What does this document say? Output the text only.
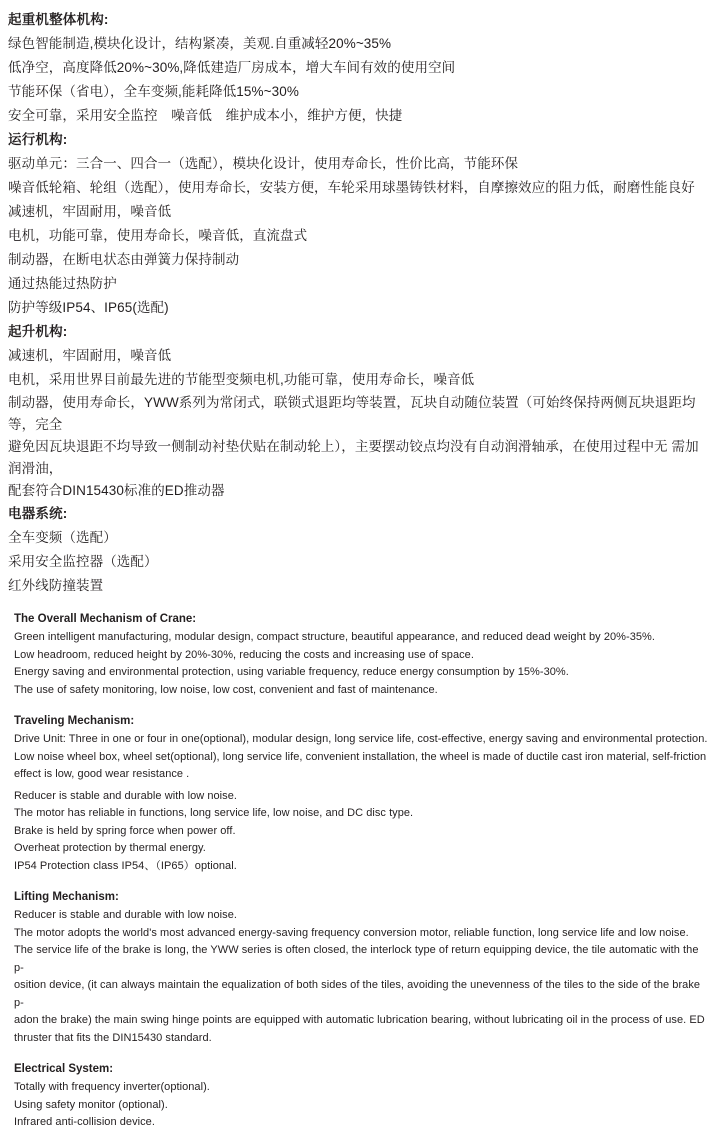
起重机整体机构:
绿色智能制造,模块化设计，结构紧凑，美观.自重减轻20%~35%
低净空，高度降低20%~30%,降低建造厂房成本，增大车间有效的使用空间
节能环保（省电），全车变频,能耗降低15%~30%
安全可靠，采用安全监控　噪音低　维护成本小，维护方便，快捷
运行机构:
驱动单元：三合一、四合一（选配），模块化设计，使用寿命长，性价比高，节能环保
噪音低轮箱、轮组（选配），使用寿命长，安装方便，车轮采用球墨铸铁材料，自摩擦效应的阻力低，耐磨性能良好
减速机，牢固耐用，噪音低
电机，功能可靠，使用寿命长，噪音低，直流盘式
制动器，在断电状态由弹簧力保持制动
通过热能过热防护
防护等级IP54、IP65(选配)
起升机构:
减速机，牢固耐用，噪音低
电机，采用世界目前最先进的节能型变频电机,功能可靠，使用寿命长，噪音低
制动器，使用寿命长，YWW系列为常闭式，联锁式退距均等装置，瓦块自动随位装置（可始终保持两侧瓦块退距均等，完全
避免因瓦块退距不均导致一侧制动衬垫伏贴在制动轮上），主要摆动铰点均没有自动润滑轴承，在使用过程中无 需加润滑油，
配套符合DIN15430标准的ED推动器
电器系统:
全车变频（选配）
采用安全监控器（选配）
红外线防撞装置
The Overall Mechanism of Crane:
Green intelligent manufacturing, modular design, compact structure, beautiful appearance, and reduced dead weight by 20%-35%.
Low headroom, reduced height by 20%-30%, reducing the costs and increasing use of space.
Energy saving and environmental protection, using variable frequency, reduce energy consumption by 15%-30%.
The use of safety monitoring, low noise, low cost, convenient and fast of maintenance.
Traveling Mechanism:
Drive Unit: Three in one or four in one(optional), modular design, long service life, cost-effective, energy saving and environmental protection.
Low noise wheel box, wheel set(optional), long service life, convenient installation, the wheel is made of ductile cast iron material, self-friction
effect is low, good wear resistance .
Reducer is stable and durable with low noise.
The motor has reliable in functions, long service life, low noise, and DC disc type.
Brake is held by spring force when power off.
Overheat protection by thermal energy.
IP54 Protection class IP54、（IP65）optional.
Lifting Mechanism:
Reducer is stable and durable with low noise.
The motor adopts the world's most advanced energy-saving frequency conversion motor, reliable function, long service life and low noise.
The service life of the brake is long, the YWW series is often closed, the interlock type of return equipping device, the tile automatic with the p-
osition device, (it can always maintain the equalization of both sides of the tiles, avoiding the unevenness of the tiles to the side of the brake p-
adon the brake) the main swing hinge points are equipped with automatic lubrication bearing, without lubricating oil in the process of use. ED
thruster that fits the DIN15430 standard.
Electrical System:
Totally with frequency inverter(optional).
Using safety monitor (optional).
Infrared anti-collision device.
